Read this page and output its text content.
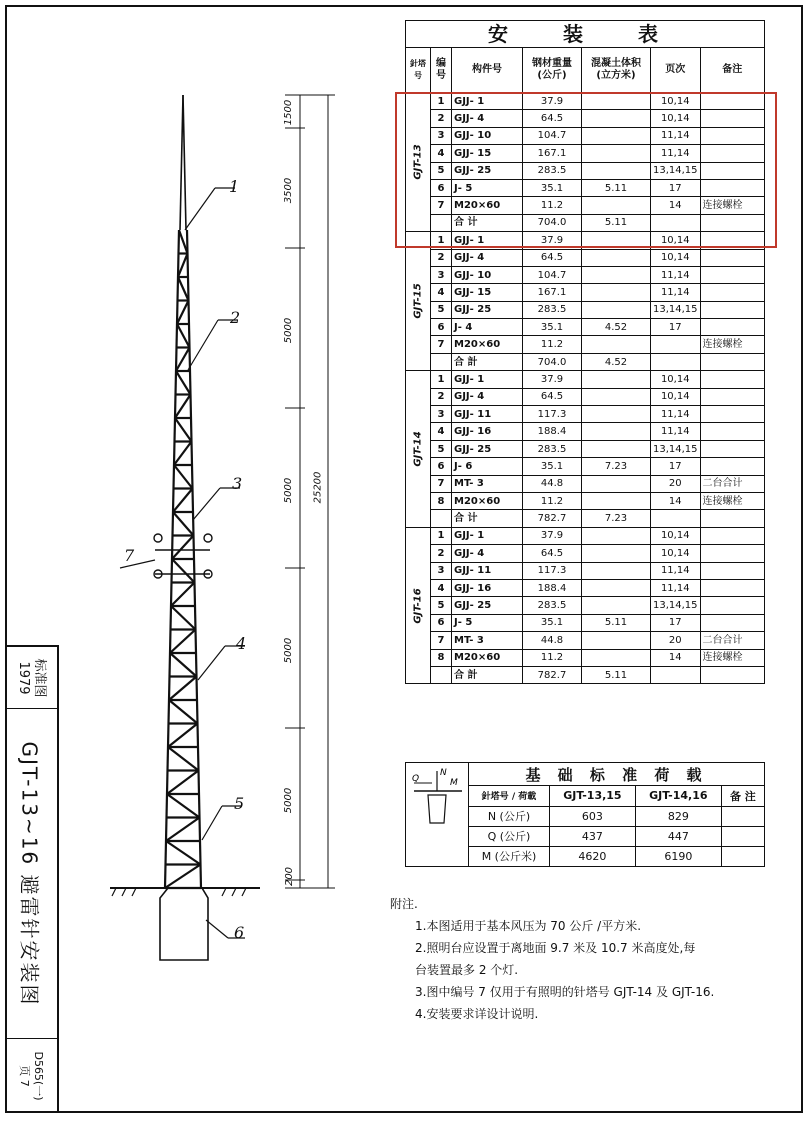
1
2
3
4
5
6
7
1500
3500
5000
5000
5000
5000
200
25200
安 装 表						
針塔号	编号	构件号	钢材重量(公斤)	混凝土体积(立方米)	页次	备注

GJT-13	1	GJJ- 1	37.9		10,14	
	2	GJJ- 4	64.5		10,14	
	3	GJJ- 10	104.7		11,14	
	4	GJJ- 15	167.1		11,14	
	5	GJJ- 25	283.5		13,14,15	
	6	J- 5	35.1	5.11	17	
	7	M20×60	11.2		14	连接螺栓
		合 计	704.0	5.11		

GJT-15	1	GJJ- 1	37.9		10,14	
	2	GJJ- 4	64.5		10,14	
	3	GJJ- 10	104.7		11,14	
	4	GJJ- 15	167.1		11,14	
	5	GJJ- 25	283.5		13,14,15	
	6	J- 4	35.1	4.52	17	
	7	M20×60	11.2			连接螺栓
		合 計	704.0	4.52		

GJT-14	1	GJJ- 1	37.9		10,14	
	2	GJJ- 4	64.5		10,14	
	3	GJJ- 11	117.3		11,14	
	4	GJJ- 16	188.4		11,14	
	5	GJJ- 25	283.5		13,14,15	
	6	J- 6	35.1	7.23	17	
	7	MT- 3	44.8		20	二台合计
	8	M20×60	11.2		14	连接螺栓
		合 计	782.7	7.23		

GJT-16	1	GJJ- 1	37.9		10,14	
	2	GJJ- 4	64.5		10,14	
	3	GJJ- 11	117.3		11,14	
	4	GJJ- 16	188.4		11,14	
	5	GJJ- 25	283.5		13,14,15	
	6	J- 5	35.1	5.11	17	
	7	MT- 3	44.8		20	二台合计
	8	M20×60	11.2		14	连接螺栓
		合 計	782.7	5.11		
Q
N
M	基 础 标 准 荷 载			
	針塔号 / 荷載	GJT-13,15	GJT-14,16	备 注
	N (公斤)	603	829	
	Q (公斤)	437	447	
	M (公斤米)	4620	6190	
附注.
1.本图适用于基本风压为 70 公斤 /平方米.
2.照明台应设置于离地面 9.7 米及 10.7 米高度处,每
台装置最多 2 个灯.
3.图中编号 7 仅用于有照明的针塔号 GJT-14 及 GJT-16.
4.安装要求详设计说明.
标准图
1979
GJT-13~16 避雷针安装图
D565(一)
页 7
